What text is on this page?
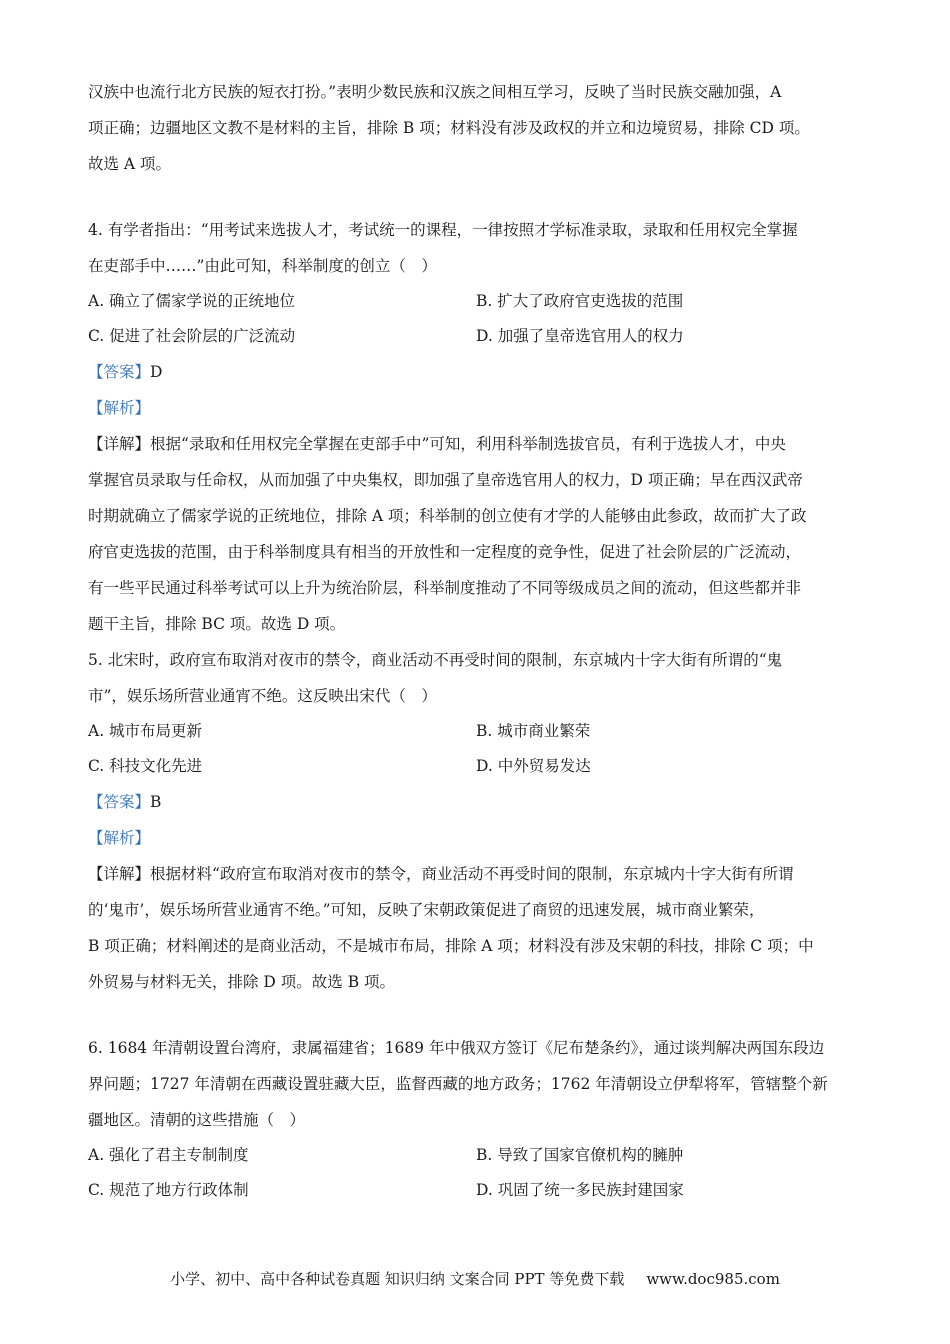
汉族中也流行北方民族的短衣打扮。”表明少数民族和汉族之间相互学习，反映了当时民族交融加强，A

项正确；边疆地区文教不是材料的主旨，排除 B 项；材料没有涉及政权的并立和边境贸易，排除 CD 项。

故选 A 项。

4. 有学者指出：“用考试来选拔人才，考试统一的课程，一律按照才学标准录取，录取和任用权完全掌握

在吏部手中……”由此可知，科举制度的创立（　）

A. 确立了儒家学说的正统地位	B. 扩大了政府官吏选拔的范围
C. 促进了社会阶层的广泛流动	D. 加强了皇帝选官用人的权力

【答案】D

【解析】

【详解】根据“录取和任用权完全掌握在吏部手中”可知，利用科举制选拔官员，有利于选拔人才，中央

掌握官员录取与任命权，从而加强了中央集权，即加强了皇帝选官用人的权力，D 项正确；早在西汉武帝

时期就确立了儒家学说的正统地位，排除 A 项；科举制的创立使有才学的人能够由此参政，故而扩大了政

府官吏选拔的范围，由于科举制度具有相当的开放性和一定程度的竞争性，促进了社会阶层的广泛流动，

有一些平民通过科举考试可以上升为统治阶层，科举制度推动了不同等级成员之间的流动，但这些都并非

题干主旨，排除 BC 项。故选 D 项。

5. 北宋时，政府宣布取消对夜市的禁令，商业活动不再受时间的限制，东京城内十字大街有所谓的“鬼

市”，娱乐场所营业通宵不绝。这反映出宋代（　）

A. 城市布局更新	B. 城市商业繁荣
C. 科技文化先进	D. 中外贸易发达

【答案】B

【解析】

【详解】根据材料“政府宣布取消对夜市的禁令，商业活动不再受时间的限制，东京城内十字大街有所谓

的‘鬼市’，娱乐场所营业通宵不绝。”可知，反映了宋朝政策促进了商贸的迅速发展，城市商业繁荣，

B 项正确；材料阐述的是商业活动，不是城市布局，排除 A 项；材料没有涉及宋朝的科技，排除 C 项；中

外贸易与材料无关，排除 D 项。故选 B 项。

6. 1684 年清朝设置台湾府，隶属福建省；1689 年中俄双方签订《尼布楚条约》，通过谈判解决两国东段边

界问题；1727 年清朝在西藏设置驻藏大臣，监督西藏的地方政务；1762 年清朝设立伊犁将军，管辖整个新

疆地区。清朝的这些措施（　）

A. 强化了君主专制制度	B. 导致了国家官僚机构的臃肿
C. 规范了地方行政体制	D. 巩固了统一多民族封建国家
小学、初中、高中各种试卷真题 知识归纳 文案合同 PPT 等免费下载 www.doc985.com
